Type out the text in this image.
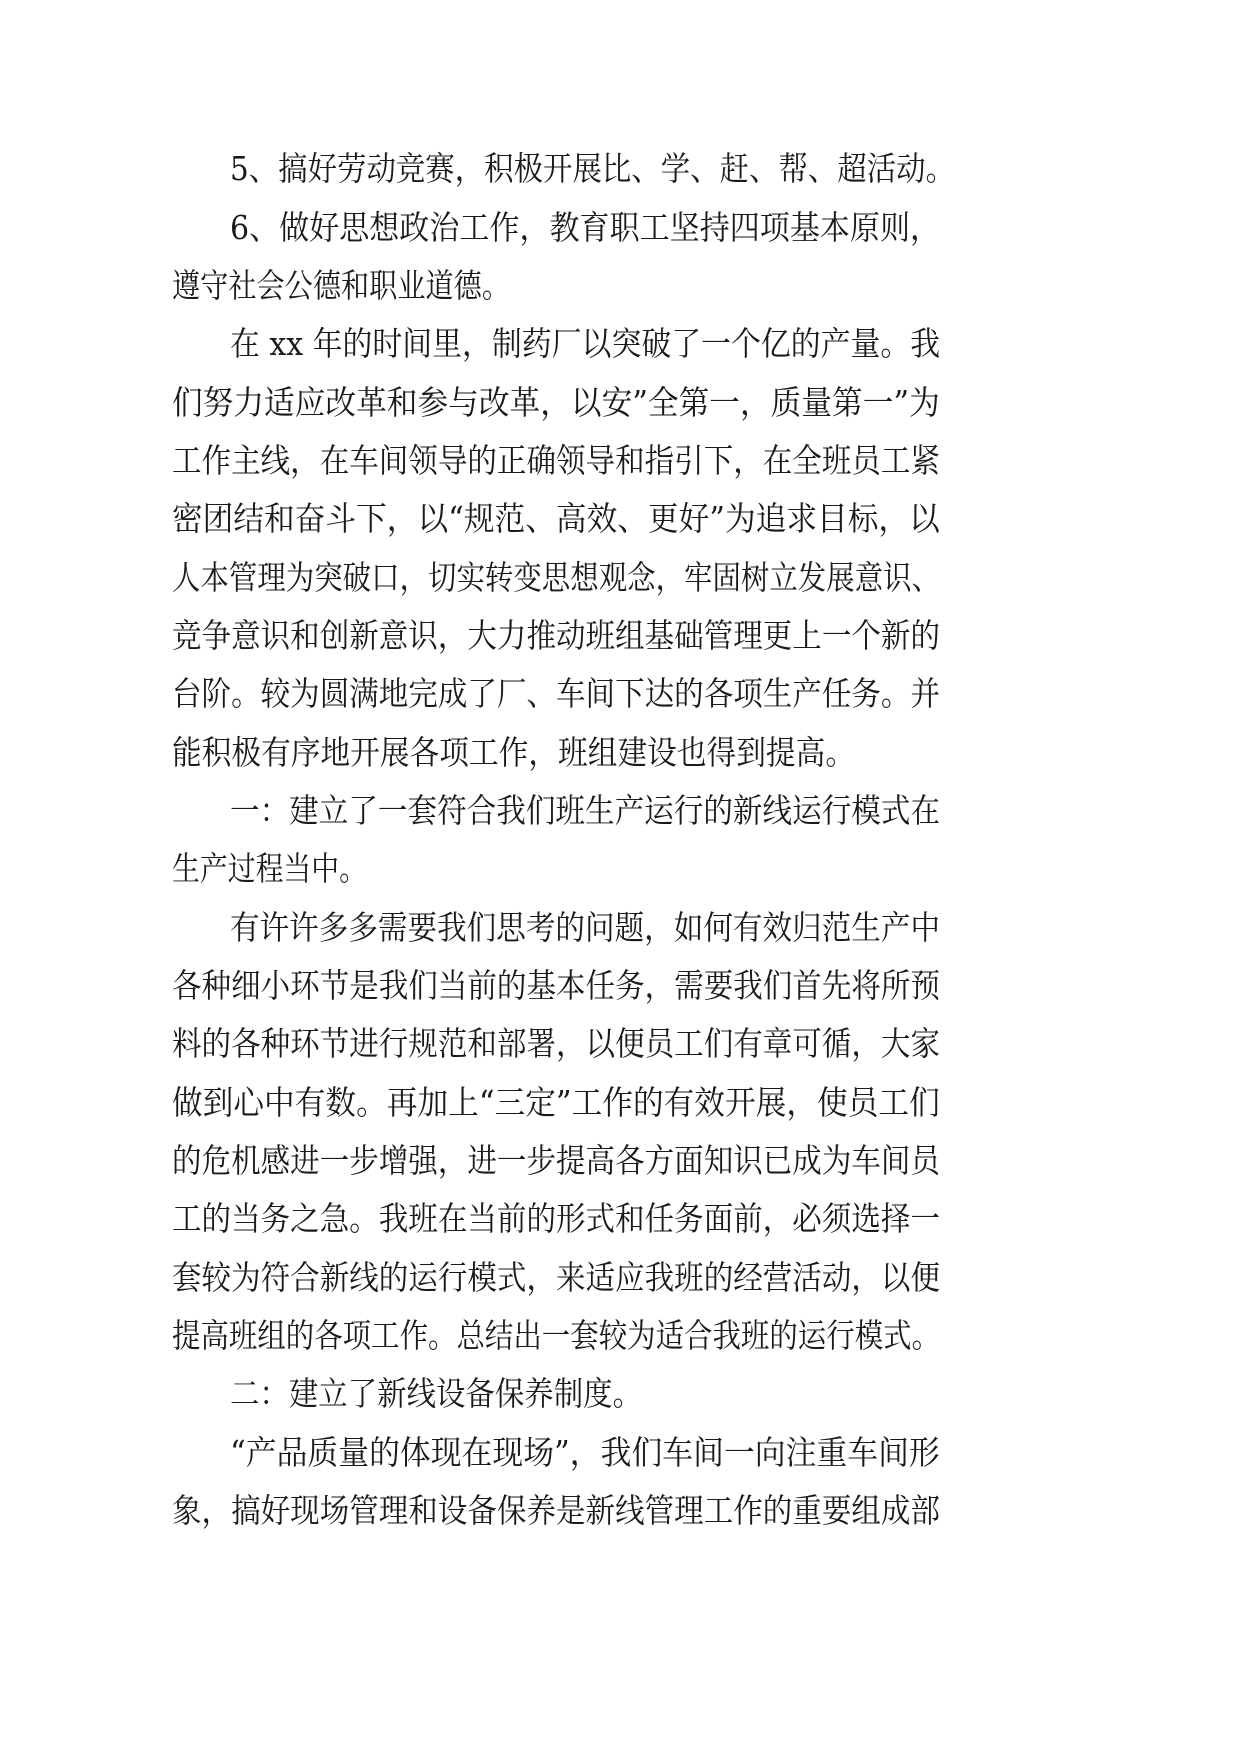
5、搞好劳动竞赛，积极开展比、学、赶、帮、超活动。

6、做好思想政治工作，教育职工坚持四项基本原则，

遵守社会公德和职业道德。

在 xx 年的时间里，制药厂以突破了一个亿的产量。我

们努力适应改革和参与改革，以安”全第一，质量第一”为

工作主线，在车间领导的正确领导和指引下，在全班员工紧

密团结和奋斗下，以“规范、高效、更好”为追求目标，以

人本管理为突破口，切实转变思想观念，牢固树立发展意识、

竞争意识和创新意识，大力推动班组基础管理更上一个新的

台阶。较为圆满地完成了厂、车间下达的各项生产任务。并

能积极有序地开展各项工作，班组建设也得到提高。

一：建立了一套符合我们班生产运行的新线运行模式在

生产过程当中。

有许许多多需要我们思考的问题，如何有效归范生产中

各种细小环节是我们当前的基本任务，需要我们首先将所预

料的各种环节进行规范和部署，以便员工们有章可循，大家

做到心中有数。再加上“三定”工作的有效开展，使员工们

的危机感进一步增强，进一步提高各方面知识已成为车间员

工的当务之急。我班在当前的形式和任务面前，必须选择一

套较为符合新线的运行模式，来适应我班的经营活动，以便

提高班组的各项工作。总结出一套较为适合我班的运行模式。

二：建立了新线设备保养制度。

“产品质量的体现在现场”，我们车间一向注重车间形

象，搞好现场管理和设备保养是新线管理工作的重要组成部
